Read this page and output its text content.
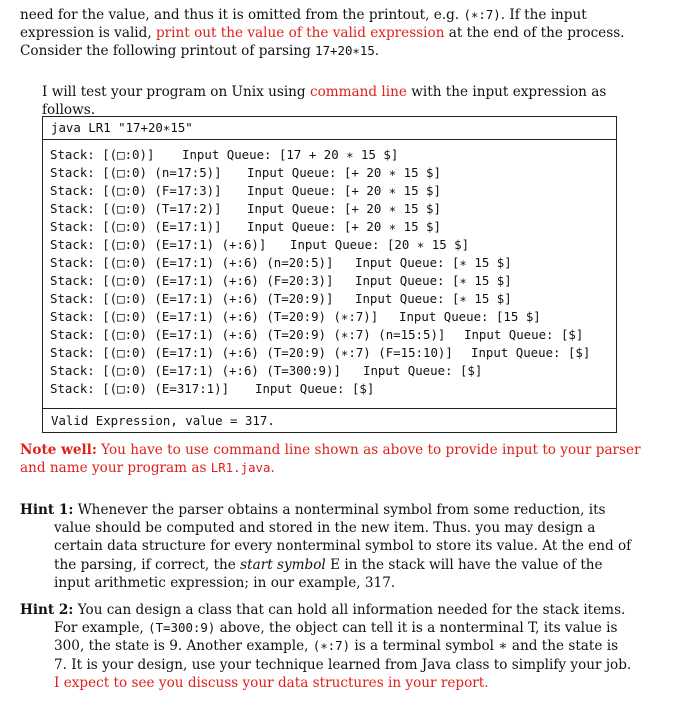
need for the value, and thus it is omitted from the printout, e.g. (∗:7). If the input expression is valid, print out the value of the valid expression at the end of the process. Consider the following printout of parsing 17+20∗15.
I will test your program on Unix using command line with the input expression as follows.
java LR1 "17+20∗15"
Valid Expression, value = 317.
Stack: [(□:0)] Input Queue: [17 + 20 ∗ 15 $]
Stack: [(□:0) (n=17:5)] Input Queue: [+ 20 ∗ 15 $]
Stack: [(□:0) (F=17:3)] Input Queue: [+ 20 ∗ 15 $]
Stack: [(□:0) (T=17:2)] Input Queue: [+ 20 ∗ 15 $]
Stack: [(□:0) (E=17:1)] Input Queue: [+ 20 ∗ 15 $]
Stack: [(□:0) (E=17:1) (+:6)] Input Queue: [20 ∗ 15 $]
Stack: [(□:0) (E=17:1) (+:6) (n=20:5)] Input Queue: [∗ 15 $]
Stack: [(□:0) (E=17:1) (+:6) (F=20:3)] Input Queue: [∗ 15 $]
Stack: [(□:0) (E=17:1) (+:6) (T=20:9)] Input Queue: [∗ 15 $]
Stack: [(□:0) (E=17:1) (+:6) (T=20:9) (∗:7)] Input Queue: [15 $]
Stack: [(□:0) (E=17:1) (+:6) (T=20:9) (∗:7) (n=15:5)] Input Queue: [$]
Stack: [(□:0) (E=17:1) (+:6) (T=20:9) (∗:7) (F=15:10)] Input Queue: [$]
Stack: [(□:0) (E=17:1) (+:6) (T=300:9)] Input Queue: [$]
Stack: [(□:0) (E=317:1)] Input Queue: [$]
Note well: You have to use command line shown as above to provide input to your parser and name your program as LR1.java.
Hint 1: Whenever the parser obtains a nonterminal symbol from some reduction, its value should be computed and stored in the new item. Thus. you may design a certain data structure for every nonterminal symbol to store its value. At the end of the parsing, if correct, the start symbol E in the stack will have the value of the input arithmetic expression; in our example, 317.
Hint 2: You can design a class that can hold all information needed for the stack items. For example, (T=300:9) above, the object can tell it is a nonterminal T, its value is 300, the state is 9. Another example, (∗:7) is a terminal symbol ∗ and the state is 7. It is your design, use your technique learned from Java class to simplify your job. I expect to see you discuss your data structures in your report.
